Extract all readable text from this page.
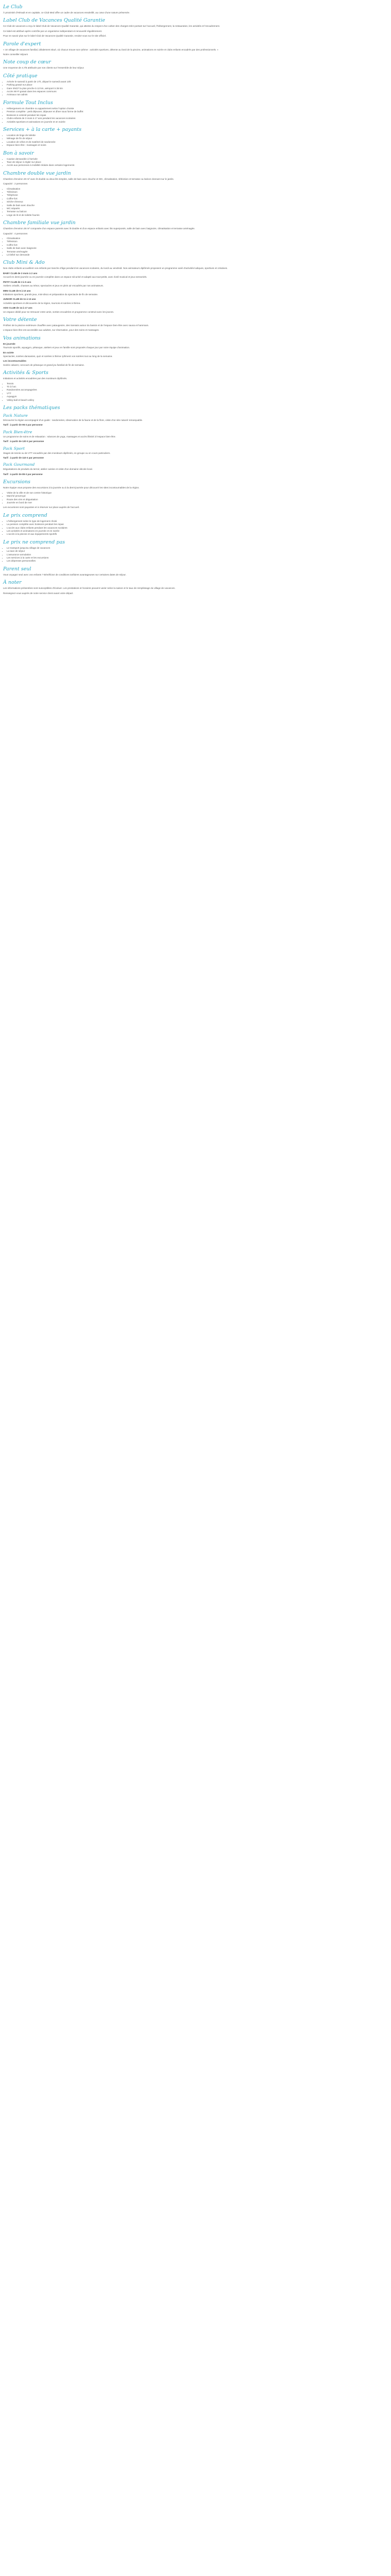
Le Club

À proximité d'Hérault et en capitale, ce Club Med offre un cadre de vacances ensoleillé, au cœur d'une nature préservée.

Label Club de Vacances Qualité Garantie

Ce Club de vacances a reçu le label Club de Vacances Qualité Garantie, qui atteste du respect d'un cahier des charges strict portant sur l'accueil, l'hébergement, la restauration, les activités et l'encadrement.

Ce label est attribué après contrôle par un organisme indépendant et renouvelé régulièrement.

Pour en savoir plus sur le label Club de Vacances Qualité Garantie, rendez-vous sur le site officiel.

Parole d'expert

« Un village de vacances familial, idéalement situé, où chacun trouve son rythme : activités sportives, détente au bord de la piscine, animations en soirée et clubs enfants encadrés par des professionnels. »

Notre conseiller séjours

Note coup de cœur

Une moyenne de 4,7/5 attribuée par nos clients sur l'ensemble de leur séjour.

Côté pratique
• Arrivée le samedi à partir de 17h, départ le samedi avant 10h
• Parking gratuit sur place
• Gare SNCF la plus proche à 12 km, aéroport à 35 km
• Accès Wi-Fi gratuit dans les espaces communs
• Animaux non admis
Formule Tout Inclus
• Hébergement en chambre ou appartement selon l'option choisie
• Pension complète : petit déjeuner, déjeuner et dîner sous forme de buffet
• Boissons à volonté pendant les repas
• Clubs enfants de 3 mois à 17 ans pendant les vacances scolaires
• Activités sportives et animations en journée et en soirée
Services + à la carte + payants
• Location de linge de toilette
• Ménage de fin de séjour
• Location de vélos et de matériel de randonnée
• Espace bien-être : massages et soins
Bon à savoir
• Caution demandée à l'arrivée
• Taxe de séjour à régler sur place
• Accès aux personnes à mobilité réduite dans certains logements
Chambre double vue jardin

Chambre d'environ 20 m² avec lit double ou deux lits simples, salle de bain avec douche et WC, climatisation, télévision et terrasse ou balcon donnant sur le jardin.

Capacité : 2 personnes

• Climatisation
• Télévision
• Téléphone
• Coffre-fort
• Sèche-cheveux
• Salle de bain avec douche
• WC séparés
• Terrasse ou balcon
• Linge de lit et de toilette fournis
Chambre familiale vue jardin

Chambre d'environ 28 m² composée d'un espace parents avec lit double et d'un espace enfants avec lits superposés, salle de bain avec baignoire, climatisation et terrasse aménagée.

Capacité : 4 personnes

• Climatisation
• Télévision
• Coffre-fort
• Salle de bain avec baignoire
• Terrasse aménagée
• Lit bébé sur demande
Club Mini & Ado

Nos clubs enfants accueillent vos enfants par tranche d'âge pendant les vacances scolaires, du lundi au vendredi. Nos animateurs diplômés proposent un programme varié d'activités ludiques, sportives et créatives.

BABY CLUB de 3 mois à 2 ans

Accueil en demi-journée ou en journée complète dans un espace sécurisé et adapté aux tout-petits, avec éveil musical et jeux sensoriels.

PETIT CLUB de 3 à 5 ans

Ateliers créatifs, chasses au trésor, spectacles et jeux en plein air encadrés par nos animateurs.

MINI CLUB de 6 à 10 ans

Initiations sportives, grands jeux, mini-disco et préparation du spectacle de fin de semaine.

JUNIOR CLUB de 11 à 13 ans

Activités sportives et découverte de la région, tournois et soirées à thème.

ADO CLUB de 14 à 17 ans

Un espace dédié pour se retrouver entre amis, sorties encadrées et programme construit avec les jeunes.

Votre détente

Profitez de la piscine extérieure chauffée avec pataugeoire, des transats autour du bassin et de l'espace bien-être avec sauna et hammam.

L'espace bien-être est accessible aux adultes, sur réservation, pour des soins et massages.

Vos animations

En journée

Tournois sportifs, aquagym, pétanque, ateliers et jeux en famille sont proposés chaque jour par notre équipe d'animation.

En soirée

Spectacles, soirées dansantes, quiz et soirées à thème rythment vos soirées tout au long de la semaine.

Les incontournables

Soirée cabaret, concours de pétanque et grand jeu familial de fin de semaine.

Activités & Sports

Initiations et activités encadrées par des moniteurs diplômés.

• Tennis
• Tir à l'arc
• Randonnées accompagnées
• VTT
• Aquagym
• Volley-ball et beach-volley
Les packs thématiques
Pack Nature

Découvrez la région accompagné d'un guide : randonnées, observation de la faune et de la flore, visite d'un site naturel remarquable.

Tarif : à partir de 95 € par personne

Pack Bien-être

Un programme de soins et de relaxation : séances de yoga, massages et accès illimité à l'espace bien-être.

Tarif : à partir de 120 € par personne

Pack Sport

Stages de tennis ou de VTT encadrés par des moniteurs diplômés, en groupe ou en cours particuliers.

Tarif : à partir de 110 € par personne

Pack Gourmand

Dégustations de produits du terroir, atelier cuisine et visite d'un domaine viticole local.

Tarif : à partir de 85 € par personne

Excursions

Notre équipe vous propose des excursions à la journée ou à la demi-journée pour découvrir les sites incontournables de la région.

• Visite de la ville et de son centre historique
• Marché provençal
• Route des vins et dégustation
• Journée en bord de mer

Les excursions sont payantes et à réserver sur place auprès de l'accueil.

Le prix comprend
• L'hébergement selon le type de logement choisi
• La pension complète avec boissons pendant les repas
• L'accès aux clubs enfants pendant les vacances scolaires
• Les activités et animations en journée et en soirée
• L'accès à la piscine et aux équipements sportifs
Le prix ne comprend pas
• Le transport jusqu'au village de vacances
• La taxe de séjour
• L'assurance annulation
• Les services à la carte et les excursions
• Les dépenses personnelles
Parent seul

Vous voyagez seul avec vos enfants ? Bénéficiez de conditions tarifaires avantageuses sur certaines dates de séjour.

À noter

Les informations présentées sont susceptibles d'évoluer. Les prestations et horaires peuvent varier selon la saison et le taux de remplissage du village de vacances.

Renseignez-vous auprès de notre service client avant votre départ.
